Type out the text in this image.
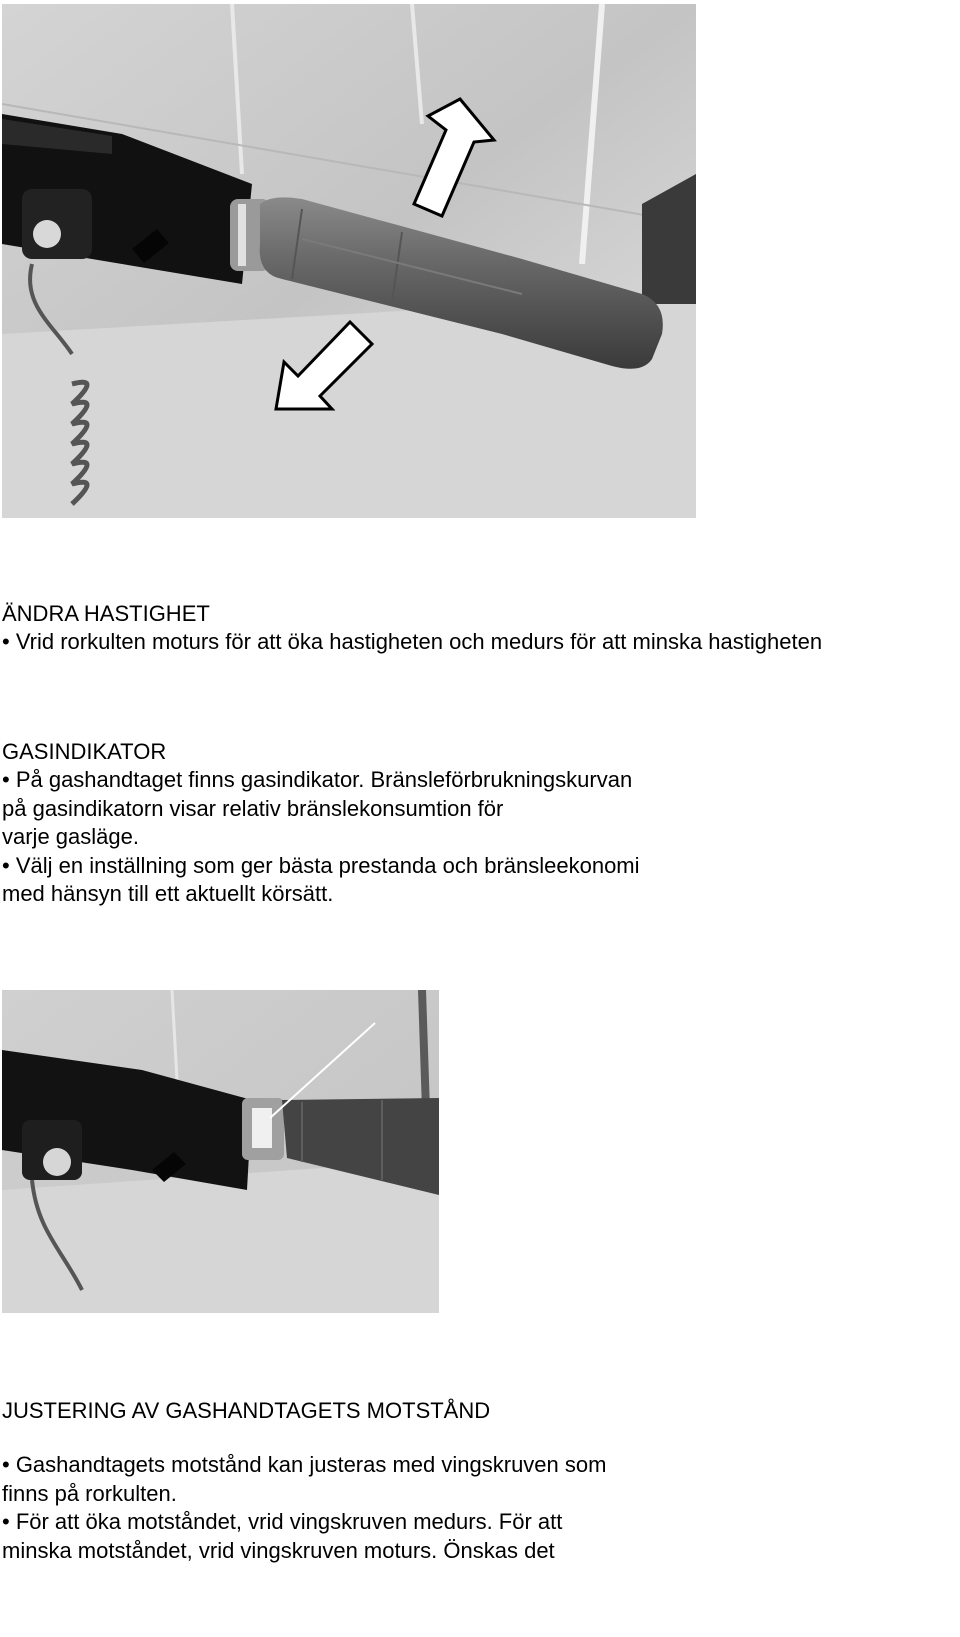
ÄNDRA HASTIGHET

• Vrid rorkulten moturs för att öka hastigheten och medurs för att minska hastigheten

GASINDIKATOR

• På gashandtaget finns gasindikator. Bränsleförbrukningskurvan

på gasindikatorn visar relativ bränslekonsumtion för

varje gasläge.

• Välj en inställning som ger bästa prestanda och bränsleekonomi

med hänsyn till ett aktuellt körsätt.

JUSTERING AV GASHANDTAGETS MOTSTÅND

• Gashandtagets motstånd kan justeras med vingskruven som

finns på rorkulten.

• För att öka motståndet, vrid vingskruven medurs. För att

minska motståndet, vrid vingskruven moturs. Önskas det
